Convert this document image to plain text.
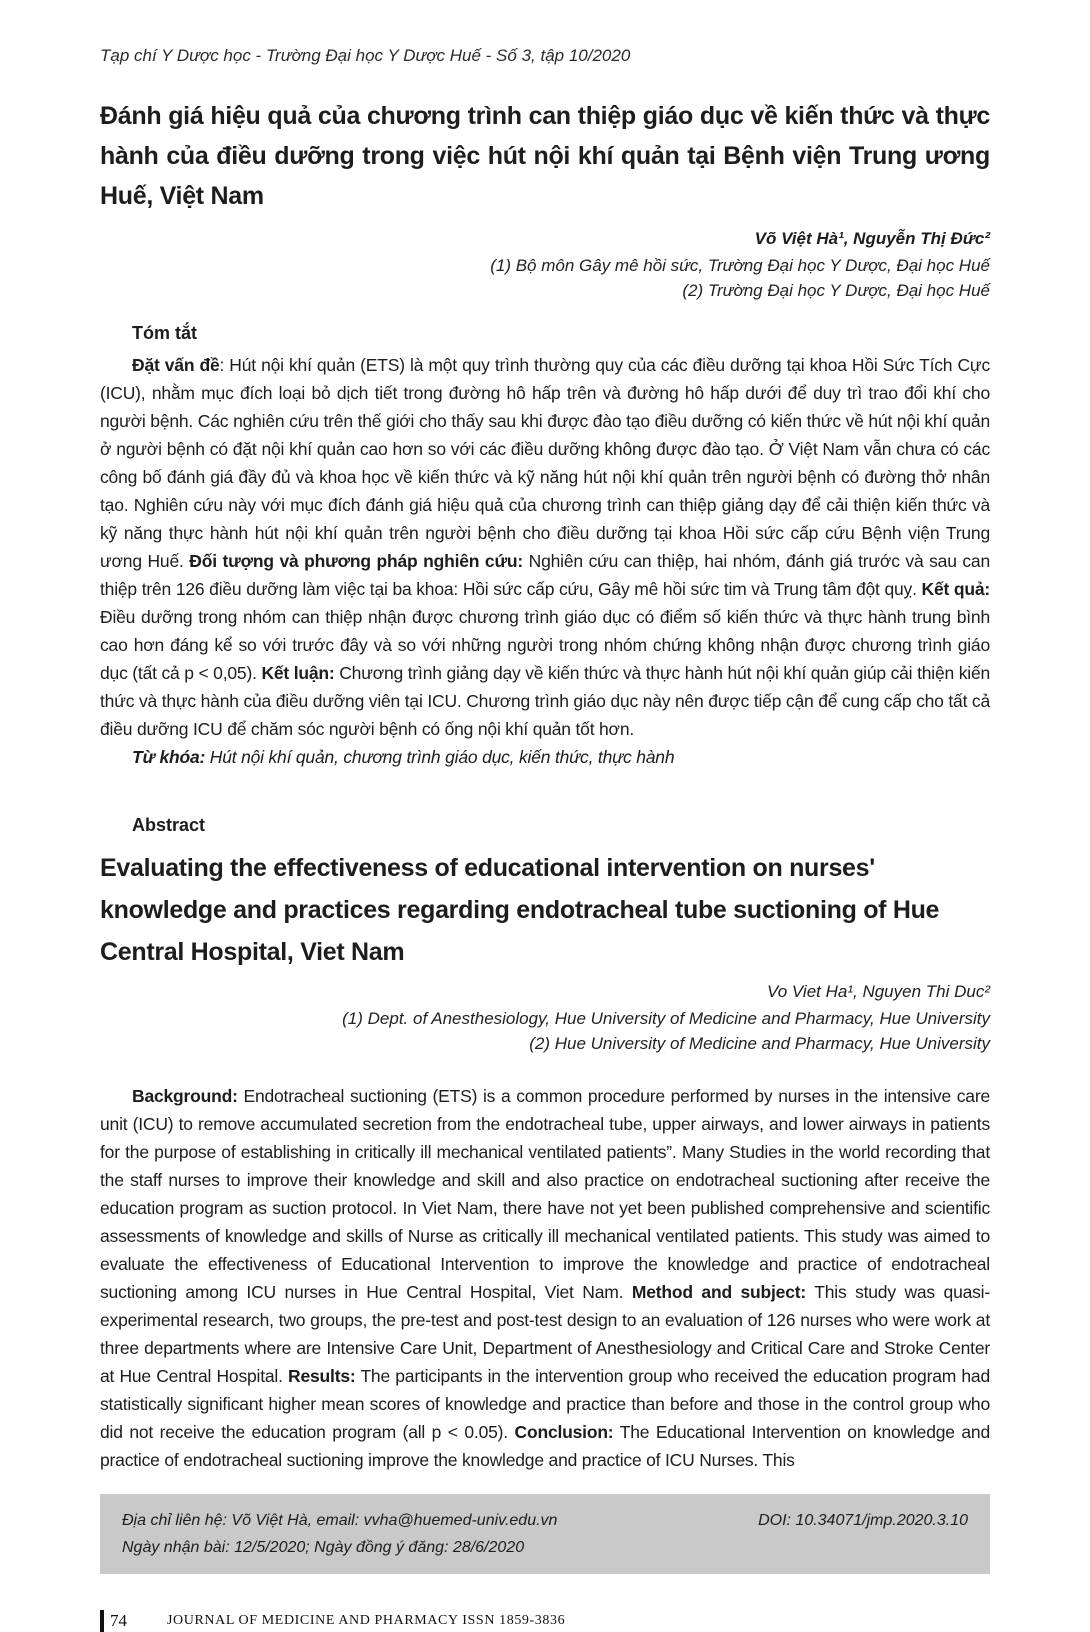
Tạp chí Y Dược học - Trường Đại học Y Dược Huế - Số 3, tập 10/2020
Đánh giá hiệu quả của chương trình can thiệp giáo dục về kiến thức và thực hành của điều dưỡng trong việc hút nội khí quản tại Bệnh viện Trung ương Huế, Việt Nam
Võ Việt Hà¹, Nguyễn Thị Đức²
(1) Bộ môn Gây mê hồi sức, Trường Đại học Y Dược, Đại học Huế
(2) Trường Đại học Y Dược, Đại học Huế
Tóm tắt

Đặt vấn đề: Hút nội khí quản (ETS) là một quy trình thường quy của các điều dưỡng tại khoa Hồi Sức Tích Cực (ICU), nhằm mục đích loại bỏ dịch tiết trong đường hô hấp trên và đường hô hấp dưới để duy trì trao đổi khí cho người bệnh. Các nghiên cứu trên thế giới cho thấy sau khi được đào tạo điều dưỡng có kiến thức về hút nội khí quản ở người bệnh có đặt nội khí quản cao hơn so với các điều dưỡng không được đào tạo. Ở Việt Nam vẫn chưa có các công bố đánh giá đầy đủ và khoa học về kiến thức và kỹ năng hút nội khí quản trên người bệnh có đường thở nhân tạo. Nghiên cứu này với mục đích đánh giá hiệu quả của chương trình can thiệp giảng dạy để cải thiện kiến thức và kỹ năng thực hành hút nội khí quản trên người bệnh cho điều dưỡng tại khoa Hồi sức cấp cứu Bệnh viện Trung ương Huế. Đối tượng và phương pháp nghiên cứu: Nghiên cứu can thiệp, hai nhóm, đánh giá trước và sau can thiệp trên 126 điều dưỡng làm việc tại ba khoa: Hồi sức cấp cứu, Gây mê hồi sức tim và Trung tâm đột quỵ. Kết quả: Điều dưỡng trong nhóm can thiệp nhận được chương trình giáo dục có điểm số kiến thức và thực hành trung bình cao hơn đáng kể so với trước đây và so với những người trong nhóm chứng không nhận được chương trình giáo dục (tất cả p < 0,05). Kết luận: Chương trình giảng dạy về kiến thức và thực hành hút nội khí quản giúp cải thiện kiến thức và thực hành của điều dưỡng viên tại ICU. Chương trình giáo dục này nên được tiếp cận để cung cấp cho tất cả điều dưỡng ICU để chăm sóc người bệnh có ống nội khí quản tốt hơn.

Từ khóa: Hút nội khí quản, chương trình giáo dục, kiến thức, thực hành

Abstract
Evaluating the effectiveness of educational intervention on nurses' knowledge and practices regarding endotracheal tube suctioning of Hue Central Hospital, Viet Nam
Vo Viet Ha¹, Nguyen Thi Duc²
(1) Dept. of Anesthesiology, Hue University of Medicine and Pharmacy, Hue University
(2) Hue University of Medicine and Pharmacy, Hue University

Background: Endotracheal suctioning (ETS) is a common procedure performed by nurses in the intensive care unit (ICU) to remove accumulated secretion from the endotracheal tube, upper airways, and lower airways in patients for the purpose of establishing in critically ill mechanical ventilated patients”. Many Studies in the world recording that the staff nurses to improve their knowledge and skill and also practice on endotracheal suctioning after receive the education program as suction protocol. In Viet Nam, there have not yet been published comprehensive and scientific assessments of knowledge and skills of Nurse as critically ill mechanical ventilated patients. This study was aimed to evaluate the effectiveness of Educational Intervention to improve the knowledge and practice of endotracheal suctioning among ICU nurses in Hue Central Hospital, Viet Nam. Method and subject: This study was quasi-experimental research, two groups, the pre-test and post-test design to an evaluation of 126 nurses who were work at three departments where are Intensive Care Unit, Department of Anesthesiology and Critical Care and Stroke Center at Hue Central Hospital. Results: The participants in the intervention group who received the education program had statistically significant higher mean scores of knowledge and practice than before and those in the control group who did not receive the education program (all p < 0.05). Conclusion: The Educational Intervention on knowledge and practice of endotracheal suctioning improve the knowledge and practice of ICU Nurses. This

Địa chỉ liên hệ: Võ Việt Hà, email: vvha@huemed-univ.edu.vn	DOI: 10.34071/jmp.2020.3.10
Ngày nhận bài: 12/5/2020; Ngày đồng ý đăng: 28/6/2020
74	JOURNAL OF MEDICINE AND PHARMACY ISSN 1859-3836
